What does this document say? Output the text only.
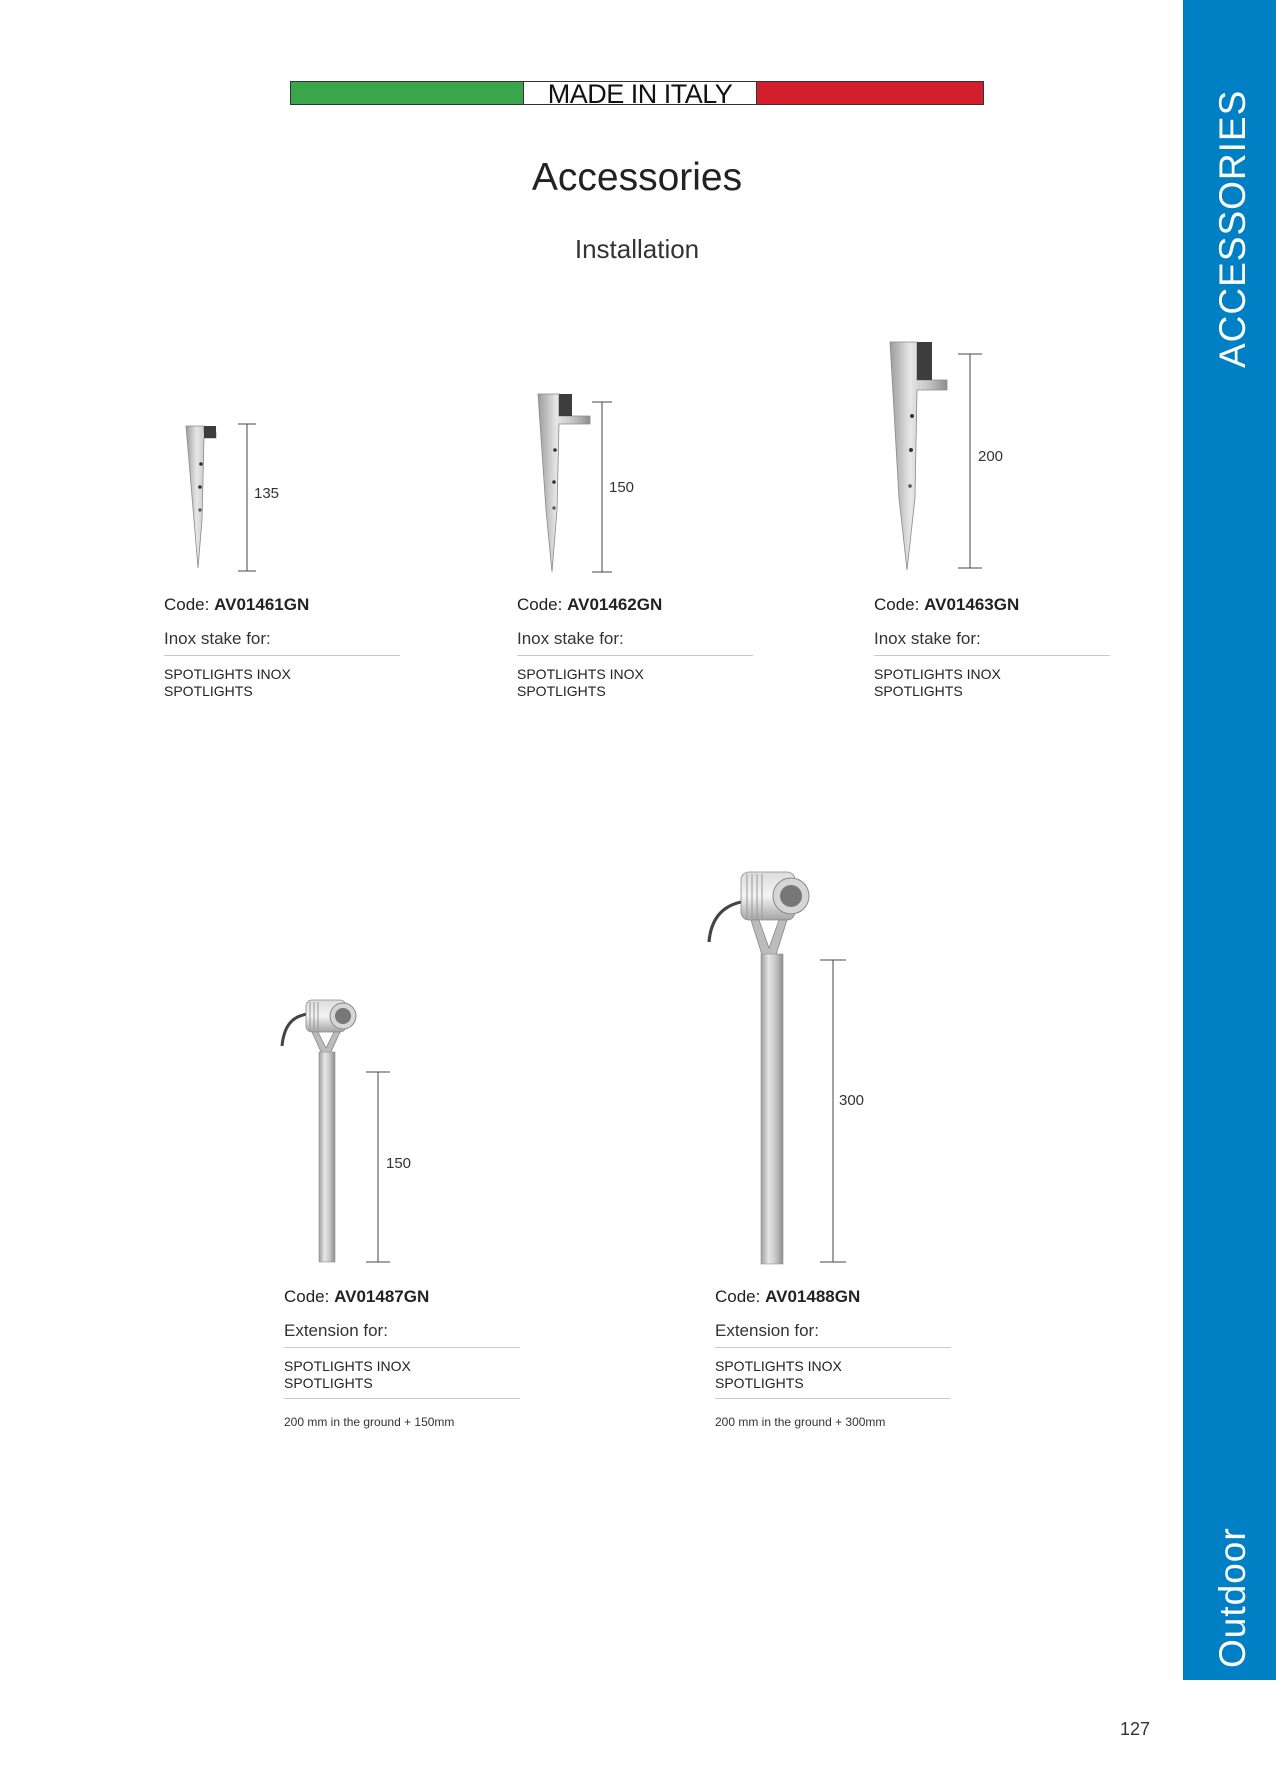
MADE IN ITALY
Accessories
Installation	ACCESSORIES
Outdoor
135
Code: AV01461GN
Inox stake for:
SPOTLIGHTS INOX
SPOTLIGHTS
150
Code: AV01462GN
Inox stake for:
SPOTLIGHTS INOX
SPOTLIGHTS
200
Code: AV01463GN
Inox stake for:
SPOTLIGHTS INOX
SPOTLIGHTS
150
Code: AV01487GN
Extension for:
SPOTLIGHTS INOX
SPOTLIGHTS
200 mm in the ground + 150mm
300
Code: AV01488GN
Extension for:
SPOTLIGHTS INOX
SPOTLIGHTS
200 mm in the ground + 300mm
127
